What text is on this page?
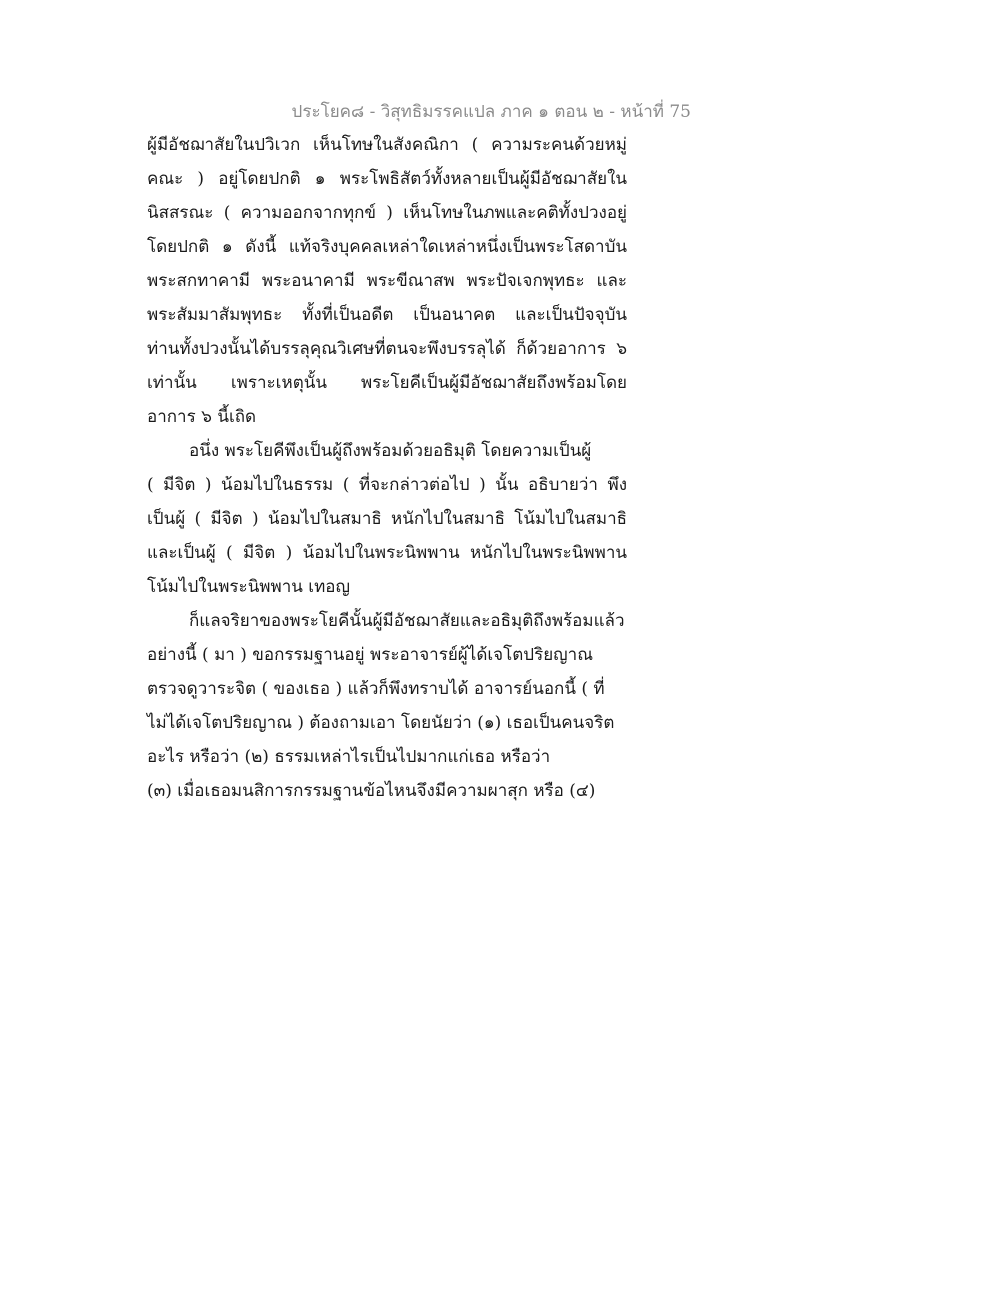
ประโยค๘ - วิสุทธิมรรคแปล ภาค ๑ ตอน ๒ - หน้าที่ 75
ผู้มีอัชฌาสัยในปวิเวก เห็นโทษในสังคณิกา ( ความระคนด้วยหมู่
คณะ ) อยู่โดยปกติ ๑ พระโพธิสัตว์ทั้งหลายเป็นผู้มีอัชฌาสัยใน
นิสสรณะ ( ความออกจากทุกข์ ) เห็นโทษในภพและคติทั้งปวงอยู่
โดยปกติ ๑ ดังนี้ แท้จริงบุคคลเหล่าใดเหล่าหนึ่งเป็นพระโสดาบัน
พระสกทาคามี พระอนาคามี พระขีณาสพ พระปัจเจกพุทธะ และ
พระสัมมาสัมพุทธะ ทั้งที่เป็นอดีต เป็นอนาคต และเป็นปัจจุบัน
ท่านทั้งปวงนั้นได้บรรลุคุณวิเศษที่ตนจะพึงบรรลุได้ ก็ด้วยอาการ ๖
เท่านั้น เพราะเหตุนั้น พระโยคีเป็นผู้มีอัชฌาสัยถึงพร้อมโดย
อาการ ๖ นี้เถิด
อนึ่ง พระโยคีพึงเป็นผู้ถึงพร้อมด้วยอธิมุติ โดยความเป็นผู้
( มีจิต ) น้อมไปในธรรม ( ที่จะกล่าวต่อไป ) นั้น อธิบายว่า พึง
เป็นผู้ ( มีจิต ) น้อมไปในสมาธิ หนักไปในสมาธิ โน้มไปในสมาธิ
และเป็นผู้ ( มีจิต ) น้อมไปในพระนิพพาน หนักไปในพระนิพพาน
โน้มไปในพระนิพพาน เทอญ
ก็แลจริยาของพระโยคีนั้นผู้มีอัชฌาสัยและอธิมุติถึงพร้อมแล้ว
อย่างนี้ ( มา ) ขอกรรมฐานอยู่ พระอาจารย์ผู้ได้เจโตปริยญาณ
ตรวจดูวาระจิต ( ของเธอ ) แล้วก็พึงทราบได้ อาจารย์นอกนี้ ( ที่
ไม่ได้เจโตปริยญาณ ) ต้องถามเอา โดยนัยว่า (๑) เธอเป็นคนจริต
อะไร หรือว่า (๒) ธรรมเหล่าไรเป็นไปมากแก่เธอ หรือว่า
(๓) เมื่อเธอมนสิการกรรมฐานข้อไหนจึงมีความผาสุก หรือ (๔)
